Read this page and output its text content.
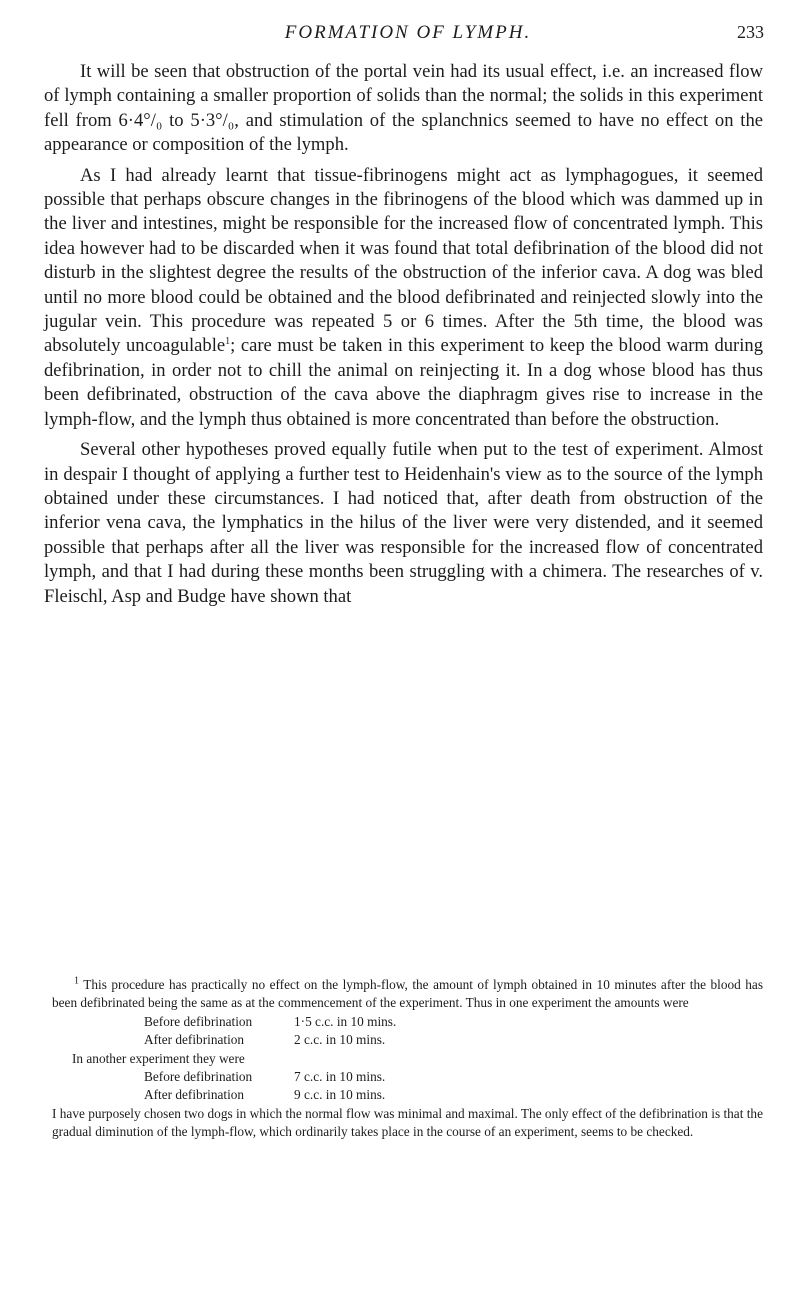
FORMATION OF LYMPH.	233

It will be seen that obstruction of the portal vein had its usual effect, i.e. an increased flow of lymph containing a smaller proportion of solids than the normal; the solids in this experiment fell from 6·4°/₀ to 5·3°/₀, and stimulation of the splanchnics seemed to have no effect on the appearance or composition of the lymph.

As I had already learnt that tissue-fibrinogens might act as lymphagogues, it seemed possible that perhaps obscure changes in the fibrinogens of the blood which was dammed up in the liver and intestines, might be responsible for the increased flow of concentrated lymph. This idea however had to be discarded when it was found that total defibrination of the blood did not disturb in the slightest degree the results of the obstruction of the inferior cava. A dog was bled until no more blood could be obtained and the blood defibrinated and reinjected slowly into the jugular vein. This procedure was repeated 5 or 6 times. After the 5th time, the blood was absolutely uncoagulable$^1$; care must be taken in this experiment to keep the blood warm during defibrination, in order not to chill the animal on reinjecting it. In a dog whose blood has thus been defibrinated, obstruction of the cava above the diaphragm gives rise to increase in the lymph-flow, and the lymph thus obtained is more concentrated than before the obstruction.

Several other hypotheses proved equally futile when put to the test of experiment. Almost in despair I thought of applying a further test to Heidenhain's view as to the source of the lymph obtained under these circumstances. I had noticed that, after death from obstruction of the inferior vena cava, the lymphatics in the hilus of the liver were very distended, and it seemed possible that perhaps after all the liver was responsible for the increased flow of concentrated lymph, and that I had during these months been struggling with a chimera. The researches of v. Fleischl, Asp and Budge have shown that

$^1$ This procedure has practically no effect on the lymph-flow, the amount of lymph obtained in 10 minutes after the blood has been defibrinated being the same as at the commencement of the experiment. Thus in one experiment the amounts were

Before defibrination	1·5 c.c. in 10 mins.

After defibrination	2 c.c. in 10 mins.

In another experiment they were

Before defibrination	7 c.c. in 10 mins.

After defibrination	9 c.c. in 10 mins.

I have purposely chosen two dogs in which the normal flow was minimal and maximal. The only effect of the defibrination is that the gradual diminution of the lymph-flow, which ordinarily takes place in the course of an experiment, seems to be checked.
